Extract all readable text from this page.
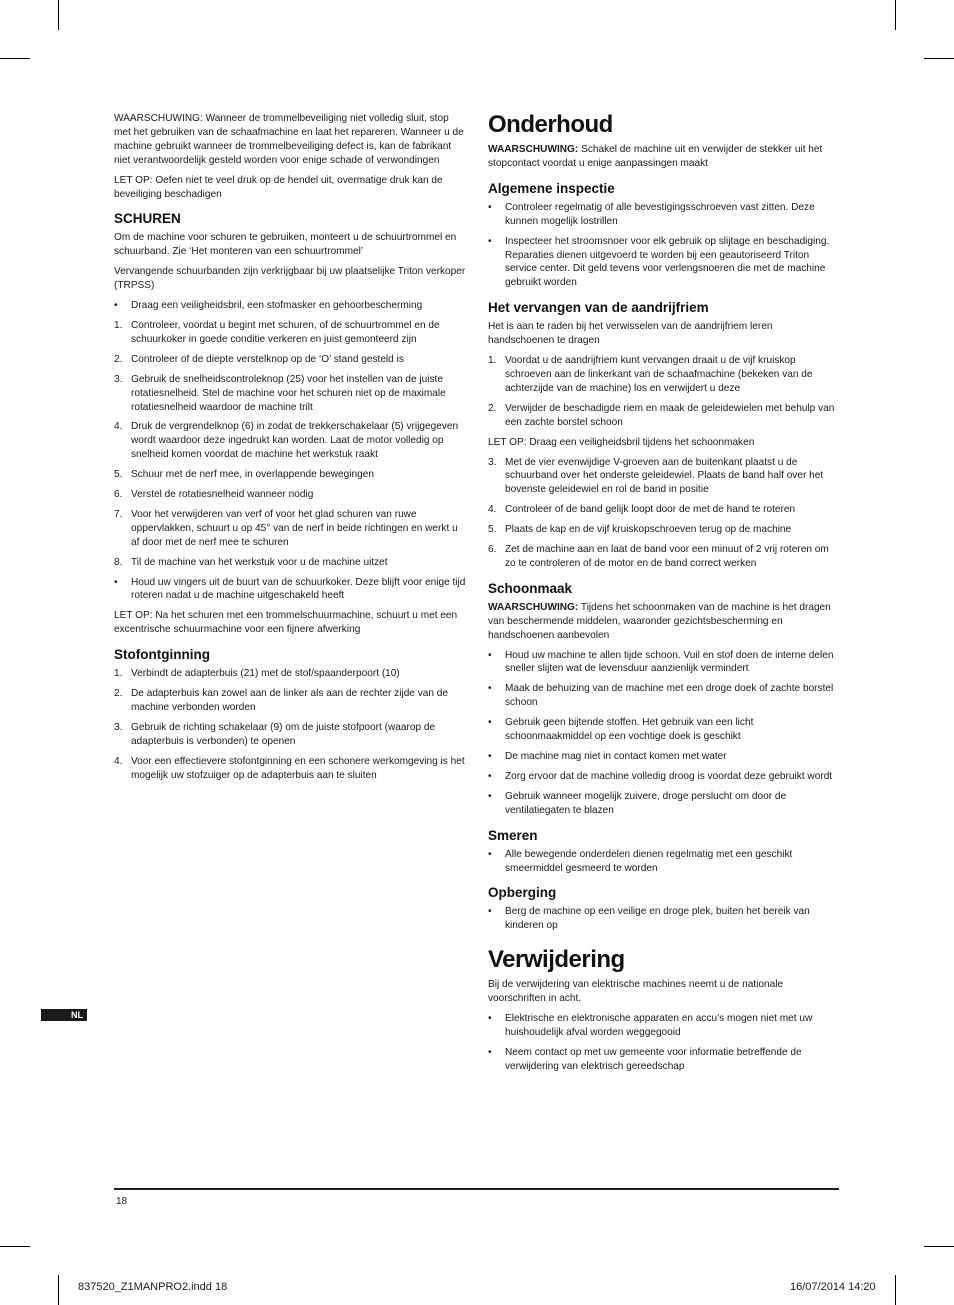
WAARSCHUWING: Wanneer de trommelbeveiliging niet volledig sluit, stop met het gebruiken van de schaafmachine en laat het repareren. Wanneer u de machine gebruikt wanneer de trommelbeveiliging defect is, kan de fabrikant niet verantwoordelijk gesteld worden voor enige schade of verwondingen

LET OP: Oefen niet te veel druk op de hendel uit, overmatige druk kan de beveiliging beschadigen

SCHUREN

Om de machine voor schuren te gebruiken, monteert u de schuurtrommel en schuurband. Zie ‘Het monteren van een schuurtrommel’

Vervangende schuurbanden zijn verkrijgbaar bij uw plaatselijke Triton verkoper (TRPSS)

• Draag een veiligheidsbril, een stofmasker en gehoorbescherming
1. Controleer, voordat u begint met schuren, of de schuurtrommel en de schuurkoker in goede conditie verkeren en juist gemonteerd zijn
2. Controleer of de diepte verstelknop op de ‘O’ stand gesteld is
3. Gebruik de snelheidscontroleknop (25) voor het instellen van de juiste rotatiesnelheid. Stel de machine voor het schuren niet op de maximale rotatiesnelheid waardoor de machine trilt
4. Druk de vergrendelknop (6) in zodat de trekkerschakelaar (5) vrijgegeven wordt waardoor deze ingedrukt kan worden. Laat de motor volledig op snelheid komen voordat de machine het werkstuk raakt
5. Schuur met de nerf mee, in overlappende bewegingen
6. Verstel de rotatiesnelheid wanneer nodig
7. Voor het verwijderen van verf of voor het glad schuren van ruwe oppervlakken, schuurt u op 45° van de nerf in beide richtingen en werkt u af door met de nerf mee te schuren
8. Til de machine van het werkstuk voor u de machine uitzet
• Houd uw vingers uit de buurt van de schuurkoker. Deze blijft voor enige tijd roteren nadat u de machine uitgeschakeld heeft

LET OP: Na het schuren met een trommelschuurmachine, schuurt u met een excentrische schuurmachine voor een fijnere afwerking

Stofontginning
1. Verbindt de adapterbuis (21) met de stof/spaanderpoort (10)
2. De adapterbuis kan zowel aan de linker als aan de rechter zijde van de machine verbonden worden
3. Gebruik de richting schakelaar (9) om de juiste stofpoort (waarop de adapterbuis is verbonden) te openen
4. Voor een effectievere stofontginning en een schonere werkomgeving is het mogelijk uw stofzuiger op de adapterbuis aan te sluiten
Onderhoud

WAARSCHUWING: Schakel de machine uit en verwijder de stekker uit het stopcontact voordat u enige aanpassingen maakt

Algemene inspectie
• Controleer regelmatig of alle bevestigingsschroeven vast zitten. Deze kunnen mogelijk lostrillen
• Inspecteer het stroomsnoer voor elk gebruik op slijtage en beschadiging. Reparaties dienen uitgevoerd te worden bij een geautoriseerd Triton service center. Dit geld tevens voor verlengsnoeren die met de machine gebruikt worden
Het vervangen van de aandrijfriem

Het is aan te raden bij het verwisselen van de aandrijfriem leren handschoenen te dragen

1. Voordat u de aandrijfriem kunt vervangen draait u de vijf kruiskop schroeven aan de linkerkant van de schaafmachine (bekeken van de achterzijde van de machine) los en verwijdert u deze
2. Verwijder de beschadigde riem en maak de geleidewielen met behulp van een zachte borstel schoon

LET OP: Draag een veiligheidsbril tijdens het schoonmaken

3. Met de vier evenwijdige V-groeven aan de buitenkant plaatst u de schuurband over het onderste geleidewiel. Plaats de band half over het bovenste geleidewiel en rol de band in positie
4. Controleer of de band gelijk loopt door de met de hand te roteren
5. Plaats de kap en de vijf kruiskopschroeven terug op de machine
6. Zet de machine aan en laat de band voor een minuut of 2 vrij roteren om zo te controleren of de motor en de band correct werken
Schoonmaak

WAARSCHUWING: Tijdens het schoonmaken van de machine is het dragen van beschermende middelen, waaronder gezichtsbescherming en handschoenen aanbevolen

• Houd uw machine te allen tijde schoon. Vuil en stof doen de interne delen sneller slijten wat de levensduur aanzienlijk vermindert
• Maak de behuizing van de machine met een droge doek of zachte borstel schoon
• Gebruik geen bijtende stoffen. Het gebruik van een licht schoonmaakmiddel op een vochtige doek is geschikt
• De machine mag niet in contact komen met water
• Zorg ervoor dat de machine volledig droog is voordat deze gebruikt wordt
• Gebruik wanneer mogelijk zuivere, droge perslucht om door de ventilatiegaten te blazen
Smeren
• Alle bewegende onderdelen dienen regelmatig met een geschikt smeermiddel gesmeerd te worden
Opberging
• Berg de machine op een veilige en droge plek, buiten het bereik van kinderen op
Verwijdering

Bij de verwijdering van elektrische machines neemt u de nationale voorschriften in acht.

• Elektrische en elektronische apparaten en accu’s mogen niet met uw huishoudelijk afval worden weggegooid
• Neem contact op met uw gemeente voor informatie betreffende de verwijdering van elektrisch gereedschap
NL
18
837520_Z1MANPRO2.indd 18	16/07/2014 14:20
